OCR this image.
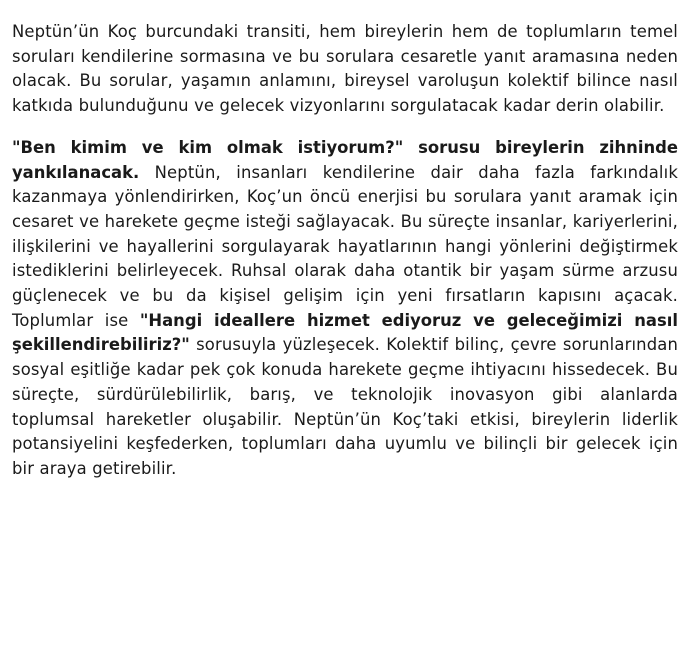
Neptün’ün Koç burcundaki transiti, hem bireylerin hem de toplumların temel soruları kendilerine sormasına ve bu sorulara cesaretle yanıt aramasına neden olacak. Bu sorular, yaşamın anlamını, bireysel varoluşun kolektif bilince nasıl katkıda bulunduğunu ve gelecek vizyonlarını sorgulatacak kadar derin olabilir.

"Ben kimim ve kim olmak istiyorum?" sorusu bireylerin zihninde yankılanacak. Neptün, insanları kendilerine dair daha fazla farkındalık kazanmaya yönlendirirken, Koç’un öncü enerjisi bu sorulara yanıt aramak için cesaret ve harekete geçme isteği sağlayacak. Bu süreçte insanlar, kariyerlerini, ilişkilerini ve hayallerini sorgulayarak hayatlarının hangi yönlerini değiştirmek istediklerini belirleyecek. Ruhsal olarak daha otantik bir yaşam sürme arzusu güçlenecek ve bu da kişisel gelişim için yeni fırsatların kapısını açacak. Toplumlar ise "Hangi ideallere hizmet ediyoruz ve geleceğimizi nasıl şekillendirebiliriz?" sorusuyla yüzleşecek. Kolektif bilinç, çevre sorunlarından sosyal eşitliğe kadar pek çok konuda harekete geçme ihtiyacını hissedecek. Bu süreçte, sürdürülebilirlik, barış, ve teknolojik inovasyon gibi alanlarda toplumsal hareketler oluşabilir. Neptün’ün Koç’taki etkisi, bireylerin liderlik potansiyelini keşfederken, toplumları daha uyumlu ve bilinçli bir gelecek için bir araya getirebilir.
